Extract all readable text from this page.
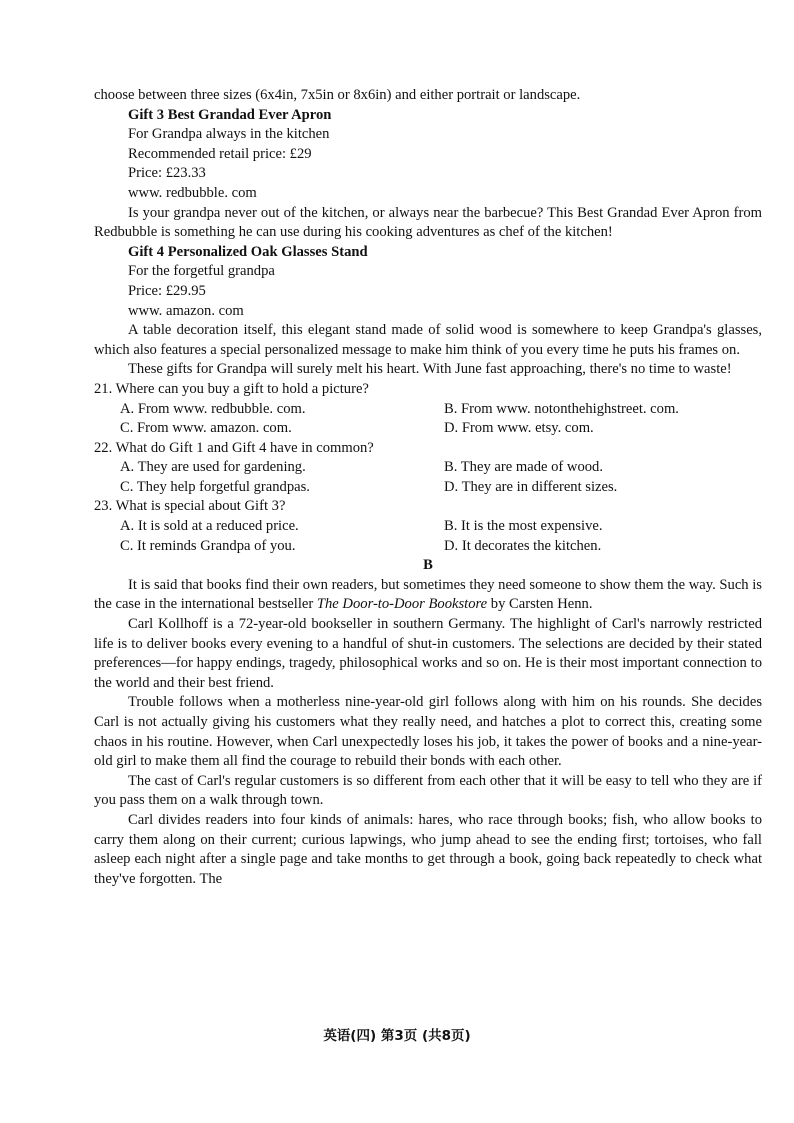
choose between three sizes (6x4in, 7x5in or 8x6in) and either portrait or landscape.

Gift 3 Best Grandad Ever Apron

For Grandpa always in the kitchen

Recommended retail price: £29

Price: £23.33

www. redbubble. com

Is your grandpa never out of the kitchen, or always near the barbecue? This Best Grandad Ever Apron from Redbubble is something he can use during his cooking adventures as chef of the kitchen!

Gift 4 Personalized Oak Glasses Stand

For the forgetful grandpa

Price: £29.95

www. amazon. com

A table decoration itself, this elegant stand made of solid wood is somewhere to keep Grandpa's glasses, which also features a special personalized message to make him think of you every time he puts his frames on.

These gifts for Grandpa will surely melt his heart. With June fast approaching, there's no time to waste!

21. Where can you buy a gift to hold a picture?

A. From www. redbubble. com.	B. From www. notonthehighstreet. com.
C. From www. amazon. com.	D. From www. etsy. com.

22. What do Gift 1 and Gift 4 have in common?

A. They are used for gardening.	B. They are made of wood.
C. They help forgetful grandpas.	D. They are in different sizes.

23. What is special about Gift 3?

A. It is sold at a reduced price.	B. It is the most expensive.
C. It reminds Grandpa of you.	D. It decorates the kitchen.

B

It is said that books find their own readers, but sometimes they need someone to show them the way. Such is the case in the international bestseller The Door-to-Door Bookstore by Carsten Henn.

Carl Kollhoff is a 72-year-old bookseller in southern Germany. The highlight of Carl's narrowly restricted life is to deliver books every evening to a handful of shut-in customers. The selections are decided by their stated preferences—for happy endings, tragedy, philosophical works and so on. He is their most important connection to the world and their best friend.

Trouble follows when a motherless nine-year-old girl follows along with him on his rounds. She decides Carl is not actually giving his customers what they really need, and hatches a plot to correct this, creating some chaos in his routine. However, when Carl unexpectedly loses his job, it takes the power of books and a nine-year-old girl to make them all find the courage to rebuild their bonds with each other.

The cast of Carl's regular customers is so different from each other that it will be easy to tell who they are if you pass them on a walk through town.

Carl divides readers into four kinds of animals: hares, who race through books; fish, who allow books to carry them along on their current; curious lapwings, who jump ahead to see the ending first; tortoises, who fall asleep each night after a single page and take months to get through a book, going back repeatedly to check what they've forgotten. The

英语(四) 第3页 (共8页)
